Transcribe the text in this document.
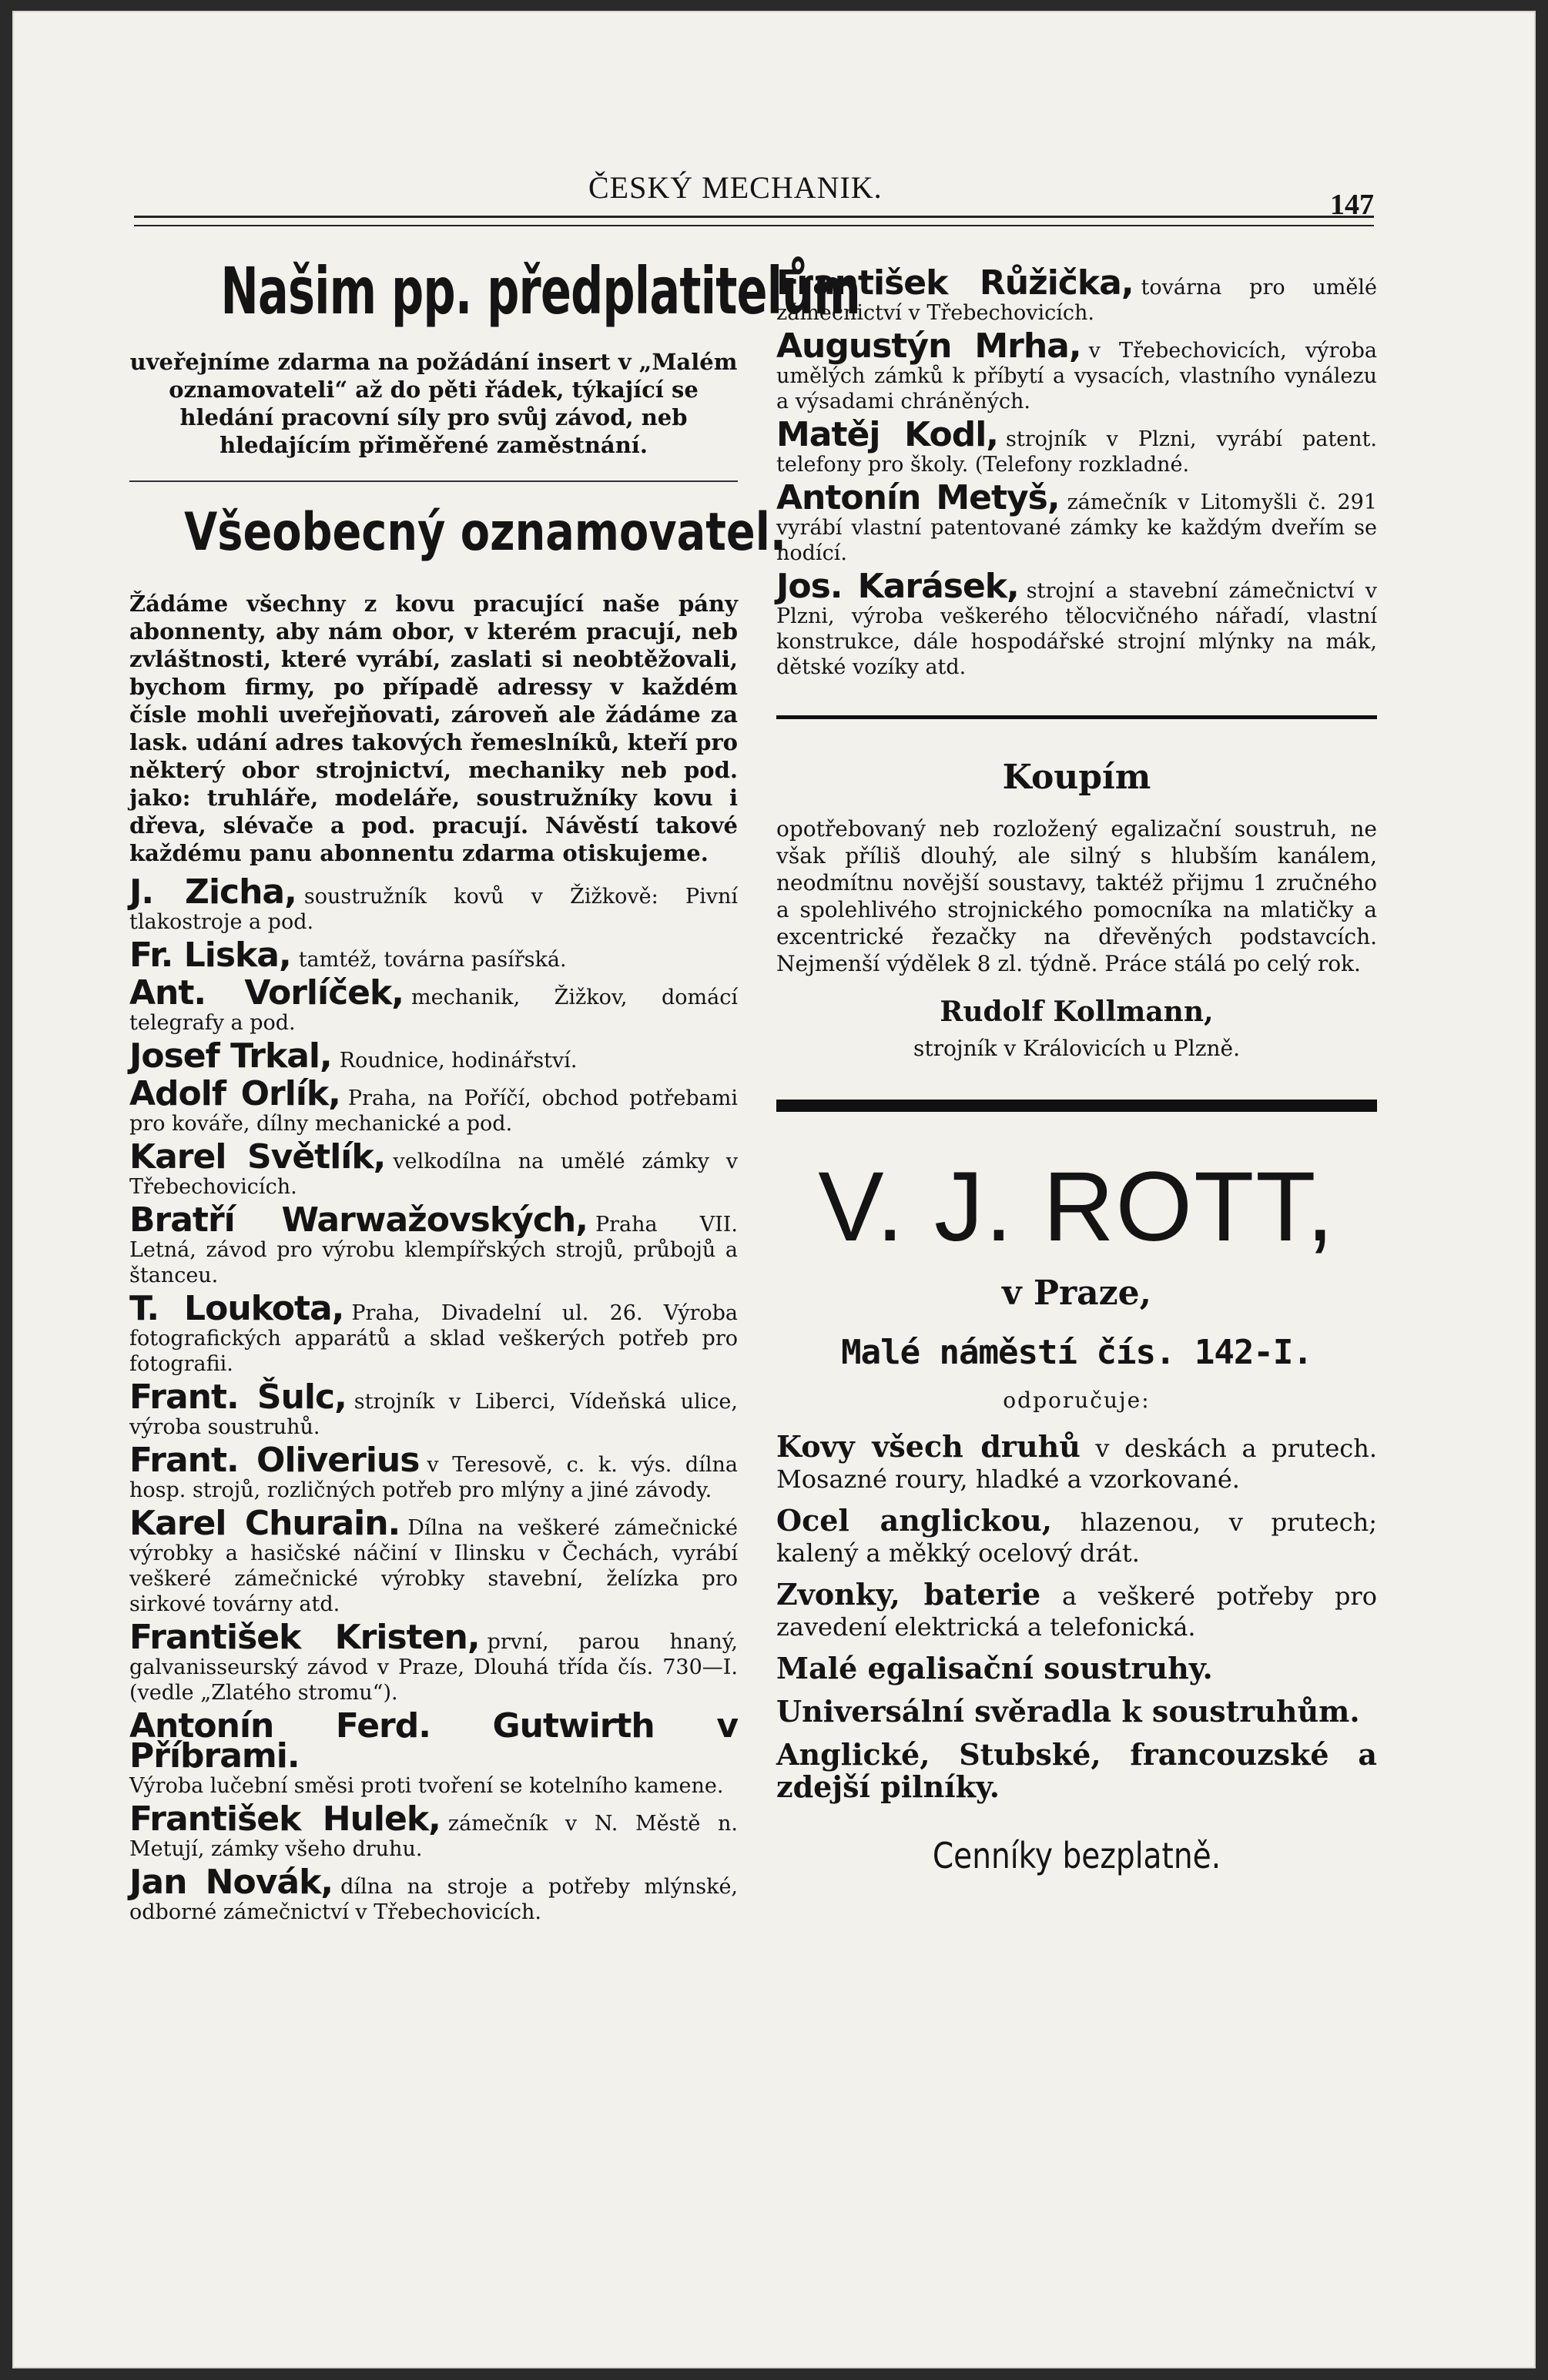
ČESKÝ MECHANIK.	147
Našim pp. předplatitelům

uveřejníme zdarma na požádání insert v „Malém oznamovateli“ až do pěti řádek, týkající se hledání pracovní síly pro svůj závod, neb hledajícím přiměřené zaměstnání.

Všeobecný oznamovatel.

Žádáme všechny z kovu pracující naše pány abonnenty, aby nám obor, v kterém pracují, neb zvláštnosti, které vyrábí, zaslati si neobtěžovali, bychom firmy, po případě adressy v každém čísle mohli uveřejňovati, zároveň ale žádáme za lask. udání adres takových řemeslníků, kteří pro některý obor strojnictví, mechaniky neb pod. jako: truhláře, modeláře, soustružníky kovu i dřeva, slévače a pod. pracují. Návěstí takové každému panu abonnentu zdarma otiskujeme.

J. Zicha, soustružník kovů v Žižkově: Pivní tlakostroje a pod.
Fr. Liska, tamtéž, továrna pasířská.
Ant. Vorlíček, mechanik, Žižkov, domácí telegrafy a pod.
Josef Trkal, Roudnice, hodinářství.
Adolf Orlík, Praha, na Poříčí, obchod potřebami pro kováře, dílny mechanické a pod.
Karel Světlík, velkodílna na umělé zámky v Třebechovicích.
Bratří Warwažovských, Praha VII. Letná, závod pro výrobu klempířských strojů, průbojů a štanceu.
T. Loukota, Praha, Divadelní ul. 26. Výroba fotografických apparátů a sklad veškerých potřeb pro fotografii.
Frant. Šulc, strojník v Liberci, Vídeňská ulice, výroba soustruhů.
Frant. Oliverius v Teresově, c. k. výs. dílna hosp. strojů, rozličných potřeb pro mlýny a jiné závody.
Karel Churain. Dílna na veškeré zámečnické výrobky a hasičské náčiní v Ilinsku v Čechách, vyrábí veškeré zámečnické výrobky stavební, želízka pro sirkové továrny atd.
František Kristen, první, parou hnaný, galvanisseurský závod v Praze, Dlouhá třída čís. 730—I. (vedle „Zlatého stromu“).
Antonín Ferd. Gutwirth v Příbrami.
Výroba lučební směsi proti tvoření se kotelního kamene.
František Hulek, zámečník v N. Městě n. Metují, zámky všeho druhu.
Jan Novák, dílna na stroje a potřeby mlýnské, odborné zámečnictví v Třebechovicích.
František Růžička, továrna pro umělé zámečnictví v Třebechovicích.
Augustýn Mrha, v Třebechovicích, výroba umělých zámků k příbytí a vysacích, vlastního vynálezu a výsadami chráněných.
Matěj Kodl, strojník v Plzni, vyrábí patent. telefony pro školy. (Telefony rozkladné.
Antonín Metyš, zámečník v Litomyšli č. 291 vyrábí vlastní patentované zámky ke každým dveřím se hodící.
Jos. Karásek, strojní a stavební zámečnictví v Plzni, výroba veškerého tělocvičného nářadí, vlastní konstrukce, dále hospodářské strojní mlýnky na mák, dětské vozíky atd.
Koupím

opotřebovaný neb rozložený egalizační soustruh, ne však příliš dlouhý, ale silný s hlubším kanálem, neodmítnu novější soustavy, taktéž přijmu 1 zručného a spolehlivého strojnického pomocníka na mlatičky a excentrické řezačky na dřevěných podstavcích. Nejmenší výdělek 8 zl. týdně. Práce stálá po celý rok.

Rudolf Kollmann,

strojník v Královicích u Plzně.

V. J. ROTT,
v Praze,
Malé náměstí čís. 142-I.
odporučuje:
Kovy všech druhů v deskách a prutech. Mosazné roury, hladké a vzorkované.
Ocel anglickou, hlazenou, v prutech; kalený a měkký ocelový drát.
Zvonky, baterie a veškeré potřeby pro zavedení elektrická a telefonická.
Malé egalisační soustruhy.
Universální svěradla k soustruhům.
Anglické, Stubské, francouzské a zdejší pilníky.
Cenníky bezplatně.
